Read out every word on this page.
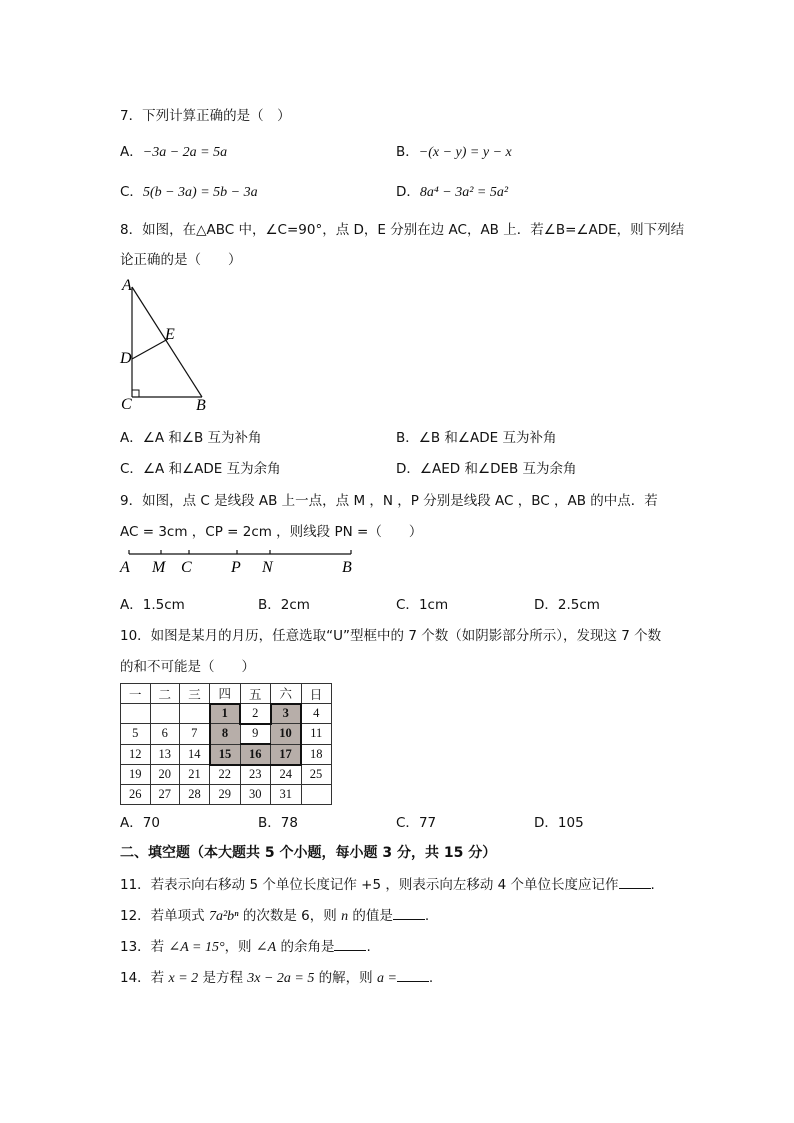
7．下列计算正确的是（　）
A．−3a − 2a = 5a	B．−(x − y) = y − x
C．5(b − 3a) = 5b − 3a	D．8a⁴ − 3a² = 5a²
8．如图，在△ABC 中，∠C=90°，点 D，E 分别在边 AC，AB 上．若∠B=∠ADE，则下列结
论正确的是（　　）
A
D
E
C	B
A．∠A 和∠B 互为补角	B．∠B 和∠ADE 互为补角
C．∠A 和∠ADE 互为余角	D．∠AED 和∠DEB 互为余角
9．如图，点 C 是线段 AB 上一点，点 M ，N ，P 分别是线段 AC ，BC ，AB 的中点．若
AC = 3cm ，CP = 2cm ，则线段 PN =（　　）
A M C P N	B
A．1.5cm	B．2cm	C．1cm	D．2.5cm
10．如图是某月的月历，任意选取“U”型框中的 7 个数（如阴影部分所示），发现这 7 个数
的和不可能是（　　）
一	二	三	四	五	六	日
			1	2	3	4
5	6	7	8	9	10	11
12	13	14	15	16	17	18
19	20	21	22	23	24	25
26	27	28	29	30	31	
A．70	B．78	C．77	D．105
二、填空题（本大题共 5 个小题，每小题 3 分，共 15 分）
11．若表示向右移动 5 个单位长度记作 +5 ，则表示向左移动 4 个单位长度应记作 .
12．若单项式 7a²bⁿ 的次数是 6，则 n 的值是 .
13．若 ∠A = 15°，则 ∠A 的余角是 .
14．若 x = 2 是方程 3x − 2a = 5 的解，则 a = .
